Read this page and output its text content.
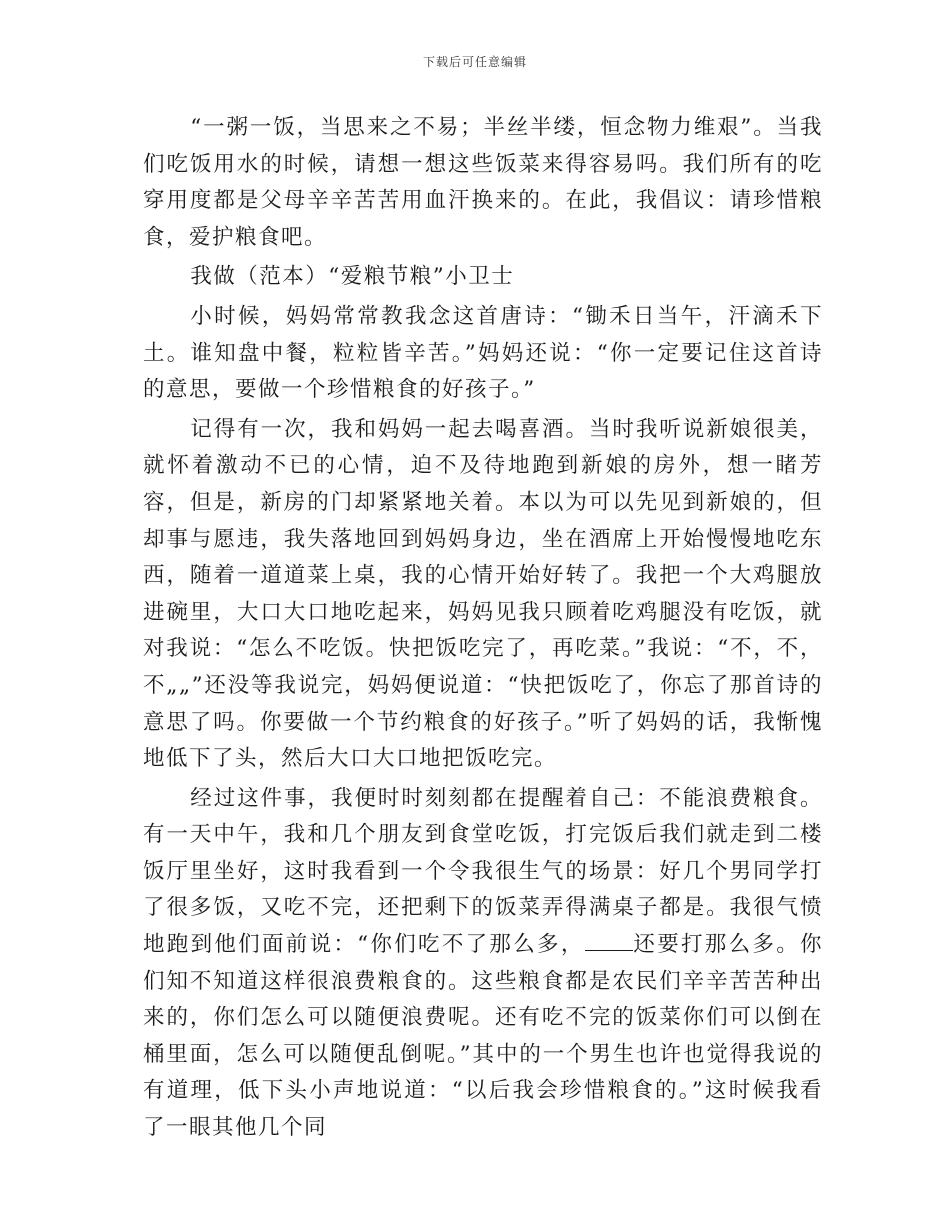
下载后可任意编辑

“一粥一饭，当思来之不易；半丝半缕，恒念物力维艰”。当我们吃饭用水的时候，请想一想这些饭菜来得容易吗。我们所有的吃穿用度都是父母辛辛苦苦用血汗换来的。在此，我倡议：请珍惜粮食，爱护粮食吧。

我做（范本）“爱粮节粮”小卫士

小时候，妈妈常常教我念这首唐诗：“锄禾日当午，汗滴禾下土。谁知盘中餐，粒粒皆辛苦。”妈妈还说：“你一定要记住这首诗的意思，要做一个珍惜粮食的好孩子。”

记得有一次，我和妈妈一起去喝喜酒。当时我听说新娘很美，就怀着激动不已的心情，迫不及待地跑到新娘的房外，想一睹芳容，但是，新房的门却紧紧地关着。本以为可以先见到新娘的，但却事与愿违，我失落地回到妈妈身边，坐在酒席上开始慢慢地吃东西，随着一道道菜上桌，我的心情开始好转了。我把一个大鸡腿放进碗里，大口大口地吃起来，妈妈见我只顾着吃鸡腿没有吃饭，就对我说：“怎么不吃饭。快把饭吃完了，再吃菜。”我说：“不，不，不„„”还没等我说完，妈妈便说道：“快把饭吃了，你忘了那首诗的意思了吗。你要做一个节约粮食的好孩子。”听了妈妈的话，我惭愧地低下了头，然后大口大口地把饭吃完。

经过这件事，我便时时刻刻都在提醒着自己：不能浪费粮食。有一天中午，我和几个朋友到食堂吃饭，打完饭后我们就走到二楼饭厅里坐好，这时我看到一个令我很生气的场景：好几个男同学打了很多饭，又吃不完，还把剩下的饭菜弄得满桌子都是。我很气愤地跑到他们面前说：“你们吃不了那么多， 还要打那么多。你们知不知道这样很浪费粮食的。这些粮食都是农民们辛辛苦苦种出来的，你们怎么可以随便浪费呢。还有吃不完的饭菜你们可以倒在桶里面，怎么可以随便乱倒呢。”其中的一个男生也许也觉得我说的有道理，低下头小声地说道：“以后我会珍惜粮食的。”这时候我看了一眼其他几个同
